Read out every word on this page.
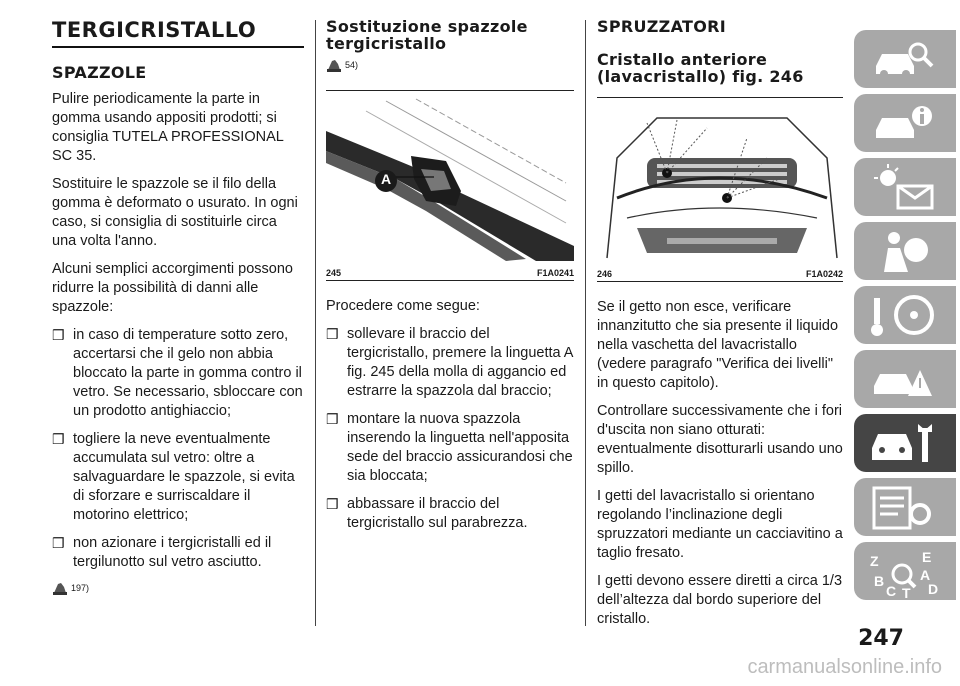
TERGICRISTALLO
SPAZZOLE

Pulire periodicamente la parte in gomma usando appositi prodotti; si consiglia TUTELA PROFESSIONAL SC 35.

Sostituire le spazzole se il filo della gomma è deformato o usurato. In ogni caso, si consiglia di sostituirle circa una volta l'anno.

Alcuni semplici accorgimenti possono ridurre la possibilità di danni alle spazzole:

❒ in caso di temperature sotto zero, accertarsi che il gelo non abbia bloccato la parte in gomma contro il vetro. Se necessario, sbloccare con un prodotto antighiaccio;
❒ togliere la neve eventualmente accumulata sul vetro: oltre a salvaguardare le spazzole, si evita di sforzare e surriscaldare il motorino elettrico;
❒ non azionare i tergicristalli ed il tergilunotto sul vetro asciutto.
197)
Sostituzione spazzole tergicristallo
54)
A
245	F1A0241

Procedere come segue:

❒ sollevare il braccio del tergicristallo, premere la linguetta A fig. 245 della molla di aggancio ed estrarre la spazzola dal braccio;
❒ montare la nuova spazzola inserendo la linguetta nell'apposita sede del braccio assicurandosi che sia bloccata;
❒ abbassare il braccio del tergicristallo sul parabrezza.
SPRUZZATORI
Cristallo anteriore (lavacristallo) fig. 246
246	F1A0242

Se il getto non esce, verificare innanzitutto che sia presente il liquido nella vaschetta del lavacristallo (vedere paragrafo "Verifica dei livelli" in questo capitolo).

Controllare successivamente che i fori d'uscita non siano otturati: eventualmente disotturarli usando uno spillo.

I getti del lavacristallo si orientano regolando l’inclinazione degli spruzzatori mediante un cacciavitino a taglio fresato.

I getti devono essere diretti a circa 1/3 dell’altezza dal bordo superiore del cristallo.

Z	E
B	A
C T D
247
carmanualsonline.info
